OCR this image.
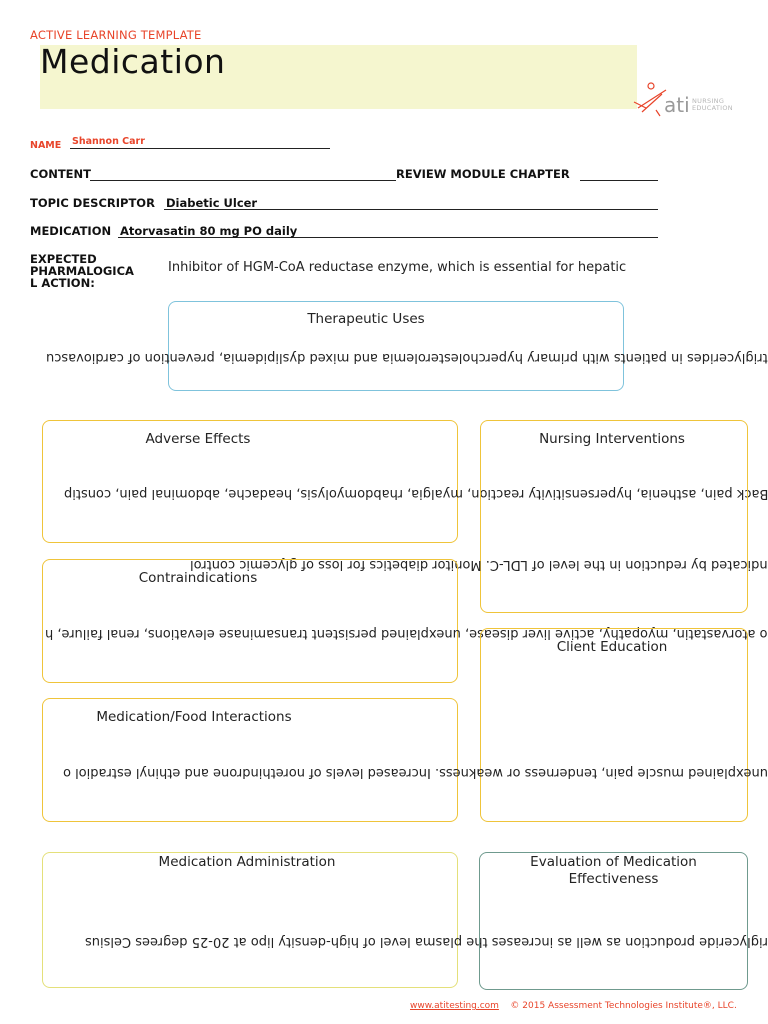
ACTIVE LEARNING TEMPLATE
Medication
ati NURSING
EDUCATION
NAME Shannon Carr
CONTENT	REVIEW MODULE CHAPTER
TOPIC DESCRIPTOR Diabetic Ulcer
MEDICATION Atorvasatin 80 mg PO daily
EXPECTED PHARMALOGICA L ACTION:
Inhibitor of HGM-CoA reductase enzyme, which is essential for hepatic
Therapeutic Uses
triglycerides in patients with primary hypercholesterolemia and mixed dyslipidemia, prevention of cardiovascu
Adverse Effects
Back pain, asthenia, hypersensitivity reaction, myalgia, rhabdomyolysis, headache, abdominal pain, constip
Nursing Interventions
ndicated by reduction in the level of LDL-C. Monitor diabetics for loss of glycemic control
Contraindications
o atorvastatin, myopathy, active liver disease, unexplained persistent transaminase elevations, renal failure, h
Client Education
Medication/Food Interactions
unexplained muscle pain, tenderness or weakness. Increased levels of norethindrone and ethinyl estradiol o
Medication Administration
riglyceride production as well as increases the plasma level of high-density lipo at 20-25 degrees Celsius
Evaluation of Medication
Effectiveness
www.atitesting.com © 2015 Assessment Technologies Institute®, LLC.
